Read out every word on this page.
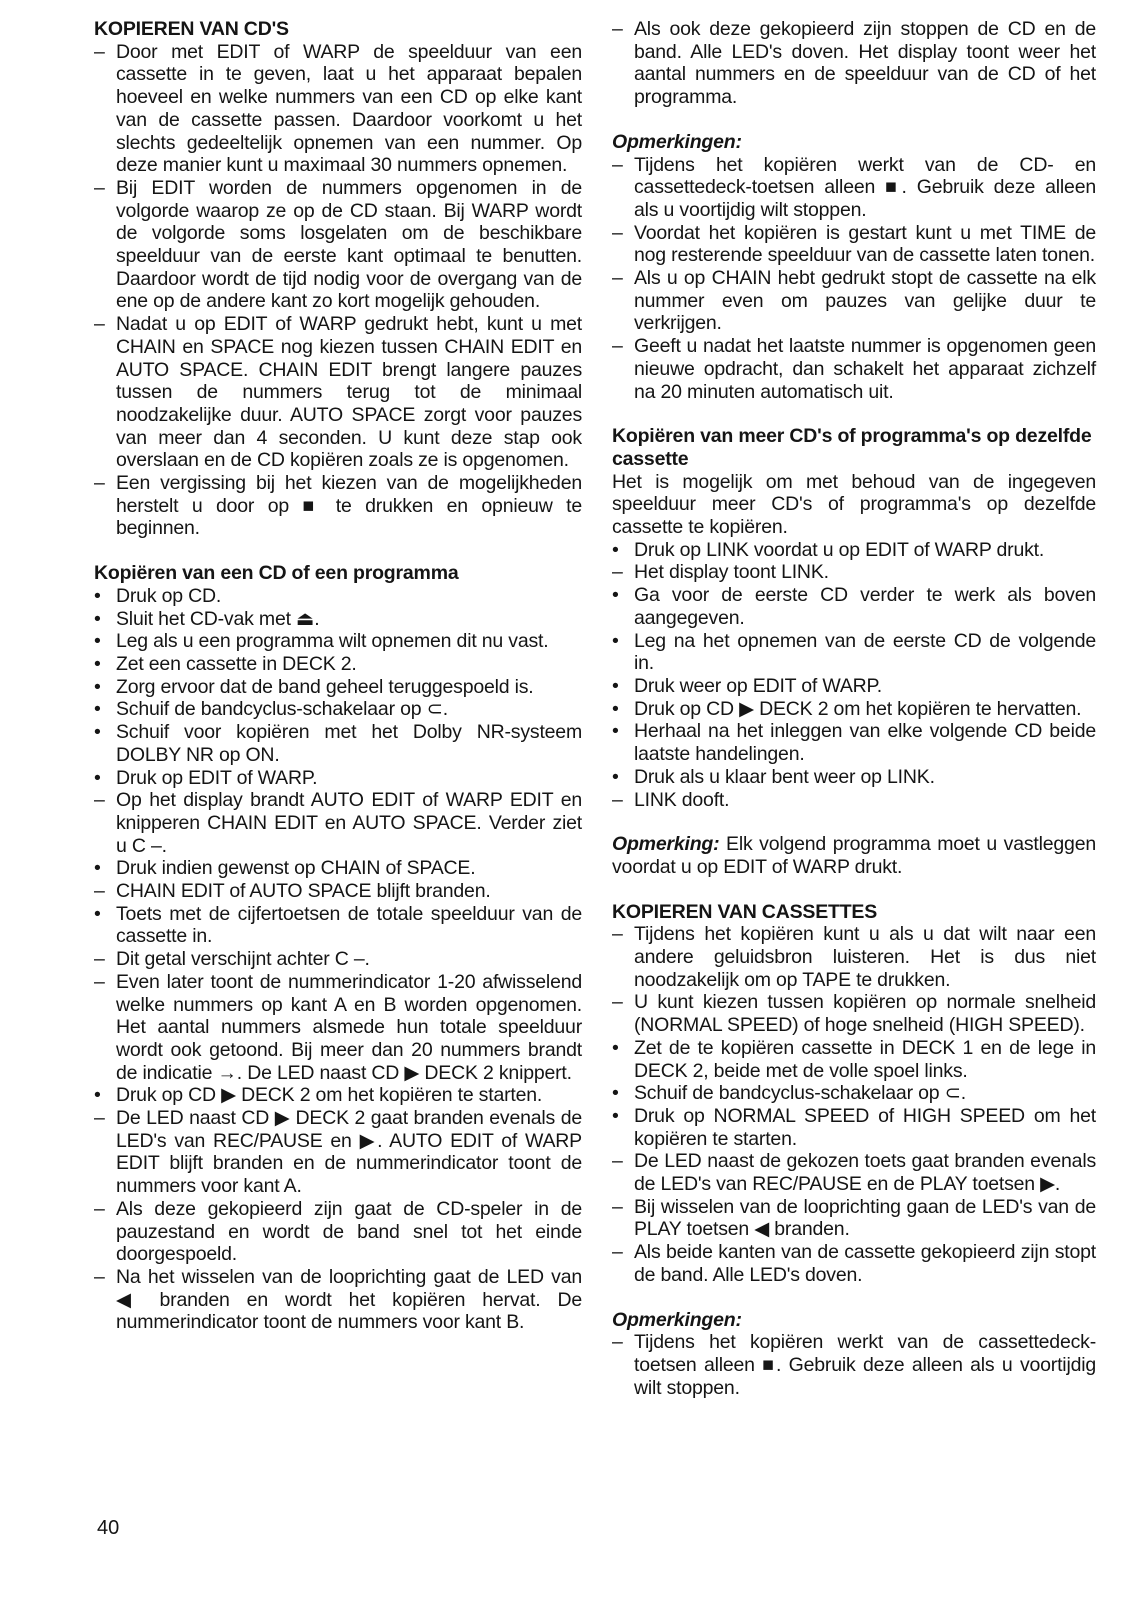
KOPIEREN VAN CD'S
– Door met EDIT of WARP de speelduur van een cassette in te geven, laat u het apparaat bepalen hoeveel en welke nummers van een CD op elke kant van de cassette passen. Daardoor voorkomt u het slechts gedeeltelijk opnemen van een nummer. Op deze manier kunt u maximaal 30 nummers opnemen.
– Bij EDIT worden de nummers opgenomen in de volgorde waarop ze op de CD staan. Bij WARP wordt de volgorde soms losgelaten om de beschikbare speelduur van de eerste kant optimaal te benutten. Daardoor wordt de tijd nodig voor de overgang van de ene op de andere kant zo kort mogelijk gehouden.
– Nadat u op EDIT of WARP gedrukt hebt, kunt u met CHAIN en SPACE nog kiezen tussen CHAIN EDIT en AUTO SPACE. CHAIN EDIT brengt langere pauzes tussen de nummers terug tot de minimaal noodzakelijke duur. AUTO SPACE zorgt voor pauzes van meer dan 4 seconden. U kunt deze stap ook overslaan en de CD kopiëren zoals ze is opgenomen.
– Een vergissing bij het kiezen van de mogelijkheden herstelt u door op ■ te drukken en opnieuw te beginnen.
Kopiëren van een CD of een programma
• Druk op CD.
• Sluit het CD-vak met ⏏.
• Leg als u een programma wilt opnemen dit nu vast.
• Zet een cassette in DECK 2.
• Zorg ervoor dat de band geheel teruggespoeld is.
• Schuif de bandcyclus-schakelaar op ⊂.
• Schuif voor kopiëren met het Dolby NR-systeem DOLBY NR op ON.
• Druk op EDIT of WARP.
– Op het display brandt AUTO EDIT of WARP EDIT en knipperen CHAIN EDIT en AUTO SPACE. Verder ziet u C –.
• Druk indien gewenst op CHAIN of SPACE.
– CHAIN EDIT of AUTO SPACE blijft branden.
• Toets met de cijfertoetsen de totale speelduur van de cassette in.
– Dit getal verschijnt achter C –.
– Even later toont de nummerindicator 1-20 afwisselend welke nummers op kant A en B worden opgenomen. Het aantal nummers alsmede hun totale speelduur wordt ook getoond. Bij meer dan 20 nummers brandt de indicatie →. De LED naast CD ▶ DECK 2 knippert.
• Druk op CD ▶ DECK 2 om het kopiëren te starten.
– De LED naast CD ▶ DECK 2 gaat branden evenals de LED's van REC/PAUSE en ▶. AUTO EDIT of WARP EDIT blijft branden en de nummerindicator toont de nummers voor kant A.
– Als deze gekopieerd zijn gaat de CD-speler in de pauzestand en wordt de band snel tot het einde doorgespoeld.
– Na het wisselen van de looprichting gaat de LED van ◀ branden en wordt het kopiëren hervat. De nummerindicator toont de nummers voor kant B.
– Als ook deze gekopieerd zijn stoppen de CD en de band. Alle LED's doven. Het display toont weer het aantal nummers en de speelduur van de CD of het programma.
Opmerkingen:
– Tijdens het kopiëren werkt van de CD- en cassettedeck-toetsen alleen ■. Gebruik deze alleen als u voortijdig wilt stoppen.
– Voordat het kopiëren is gestart kunt u met TIME de nog resterende speelduur van de cassette laten tonen.
– Als u op CHAIN hebt gedrukt stopt de cassette na elk nummer even om pauzes van gelijke duur te verkrijgen.
– Geeft u nadat het laatste nummer is opgenomen geen nieuwe opdracht, dan schakelt het apparaat zichzelf na 20 minuten automatisch uit.
Kopiëren van meer CD's of programma's op dezelfde cassette
Het is mogelijk om met behoud van de ingegeven speelduur meer CD's of programma's op dezelfde cassette te kopiëren.
• Druk op LINK voordat u op EDIT of WARP drukt.
– Het display toont LINK.
• Ga voor de eerste CD verder te werk als boven aangegeven.
• Leg na het opnemen van de eerste CD de volgende in.
• Druk weer op EDIT of WARP.
• Druk op CD ▶ DECK 2 om het kopiëren te hervatten.
• Herhaal na het inleggen van elke volgende CD beide laatste handelingen.
• Druk als u klaar bent weer op LINK.
– LINK dooft.
Opmerking: Elk volgend programma moet u vastleggen voordat u op EDIT of WARP drukt.
KOPIEREN VAN CASSETTES
– Tijdens het kopiëren kunt u als u dat wilt naar een andere geluidsbron luisteren. Het is dus niet noodzakelijk om op TAPE te drukken.
– U kunt kiezen tussen kopiëren op normale snelheid (NORMAL SPEED) of hoge snelheid (HIGH SPEED).
• Zet de te kopiëren cassette in DECK 1 en de lege in DECK 2, beide met de volle spoel links.
• Schuif de bandcyclus-schakelaar op ⊂.
• Druk op NORMAL SPEED of HIGH SPEED om het kopiëren te starten.
– De LED naast de gekozen toets gaat branden evenals de LED's van REC/PAUSE en de PLAY toetsen ▶.
– Bij wisselen van de looprichting gaan de LED's van de PLAY toetsen ◀ branden.
– Als beide kanten van de cassette gekopieerd zijn stopt de band. Alle LED's doven.
Opmerkingen:
– Tijdens het kopiëren werkt van de cassettedeck-toetsen alleen ■. Gebruik deze alleen als u voortijdig wilt stoppen.
40
